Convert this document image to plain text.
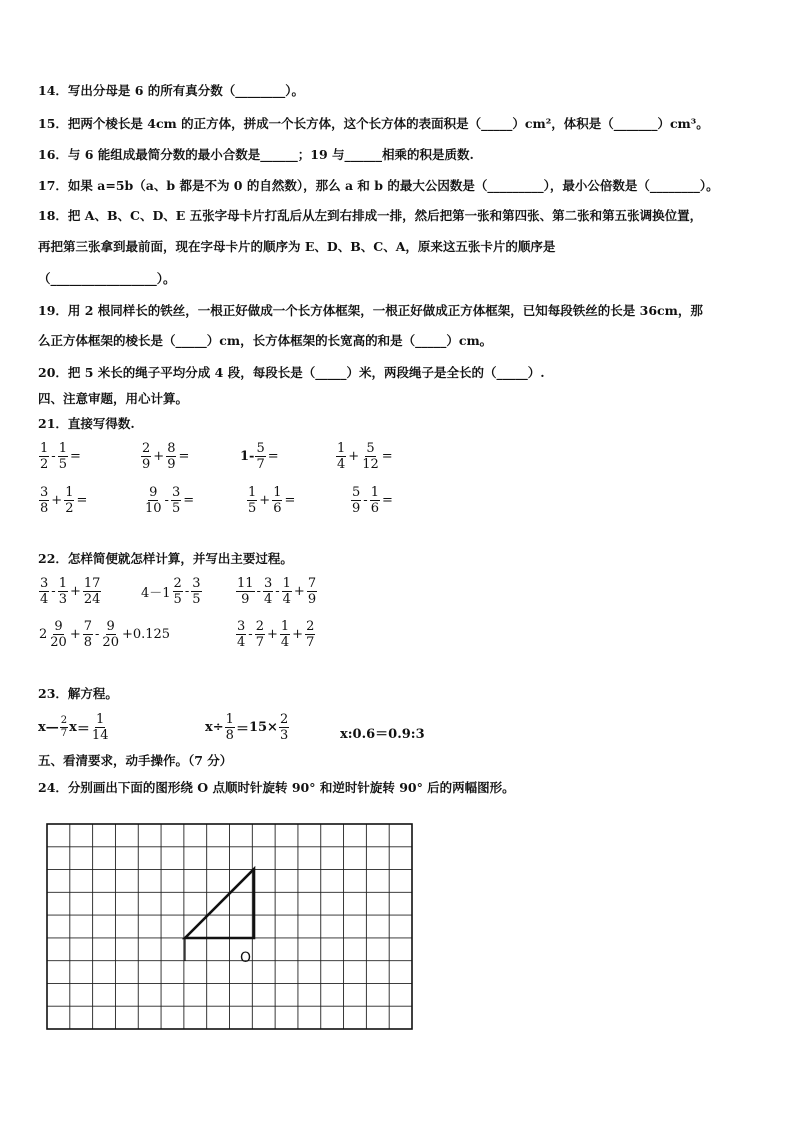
14．写出分母是 6 的所有真分数（________）。
15．把两个棱长是 4cm 的正方体，拼成一个长方体，这个长方体的表面积是（_____）cm²，体积是（_______）cm³。
16．与 6 能组成最简分数的最小合数是______；19 与______相乘的积是质数.
17．如果 a=5b（a、b 都是不为 0 的自然数），那么 a 和 b 的最大公因数是（_________），最小公倍数是（________）。
18．把 A、B、C、D、E 五张字母卡片打乱后从左到右排成一排，然后把第一张和第四张、第二张和第五张调换位置，
再把第三张拿到最前面，现在字母卡片的顺序为 E、D、B、C、A，原来这五张卡片的顺序是
（_________________）。
19．用 2 根同样长的铁丝，一根正好做成一个长方体框架，一根正好做成正方体框架，已知每段铁丝的长是 36cm，那
么正方体框架的棱长是（_____）cm，长方体框架的长宽高的和是（_____）cm。
20．把 5 米长的绳子平均分成 4 段，每段长是（_____）米，两段绳子是全长的（_____）.
四、注意审题，用心计算。
21．直接写得数.
$\frac{1}{2} - \frac{1}{5}$ =	$\frac{2}{9} + \frac{8}{9}$ =	$1- \frac{5}{7}$ =	$\frac{1}{4} + \frac{5}{12}$ =
$\frac{3}{8} + \frac{1}{2}$ =	$\frac{9}{10} - \frac{3}{5}$ =	$\frac{1}{5} + \frac{1}{6}$ =	$\frac{5}{9} - \frac{1}{6}$ =
22．怎样简便就怎样计算，并写出主要过程。
$\frac{3}{4} - \frac{1}{3} + \frac{17}{24}$	$4-1 \frac{2}{5} - \frac{3}{5}$	$\frac{11}{9} - \frac{3}{4} - \frac{1}{4} + \frac{7}{9}$
$2 \frac{9}{20} + \frac{7}{8} - \frac{9}{20} +0.125$	$\frac{3}{4} - \frac{2}{7} + \frac{1}{4} + \frac{2}{7}$
23．解方程。
x — $\frac{2}{7}$ $x = \frac{1}{14}$	$x\div \frac{1}{8} = 15\times \frac{2}{3}$	x:0.6＝0.9:3
五、看清要求，动手操作。（7 分）
24．分别画出下面的图形绕 O 点顺时针旋转 90° 和逆时针旋转 90° 后的两幅图形。
O
